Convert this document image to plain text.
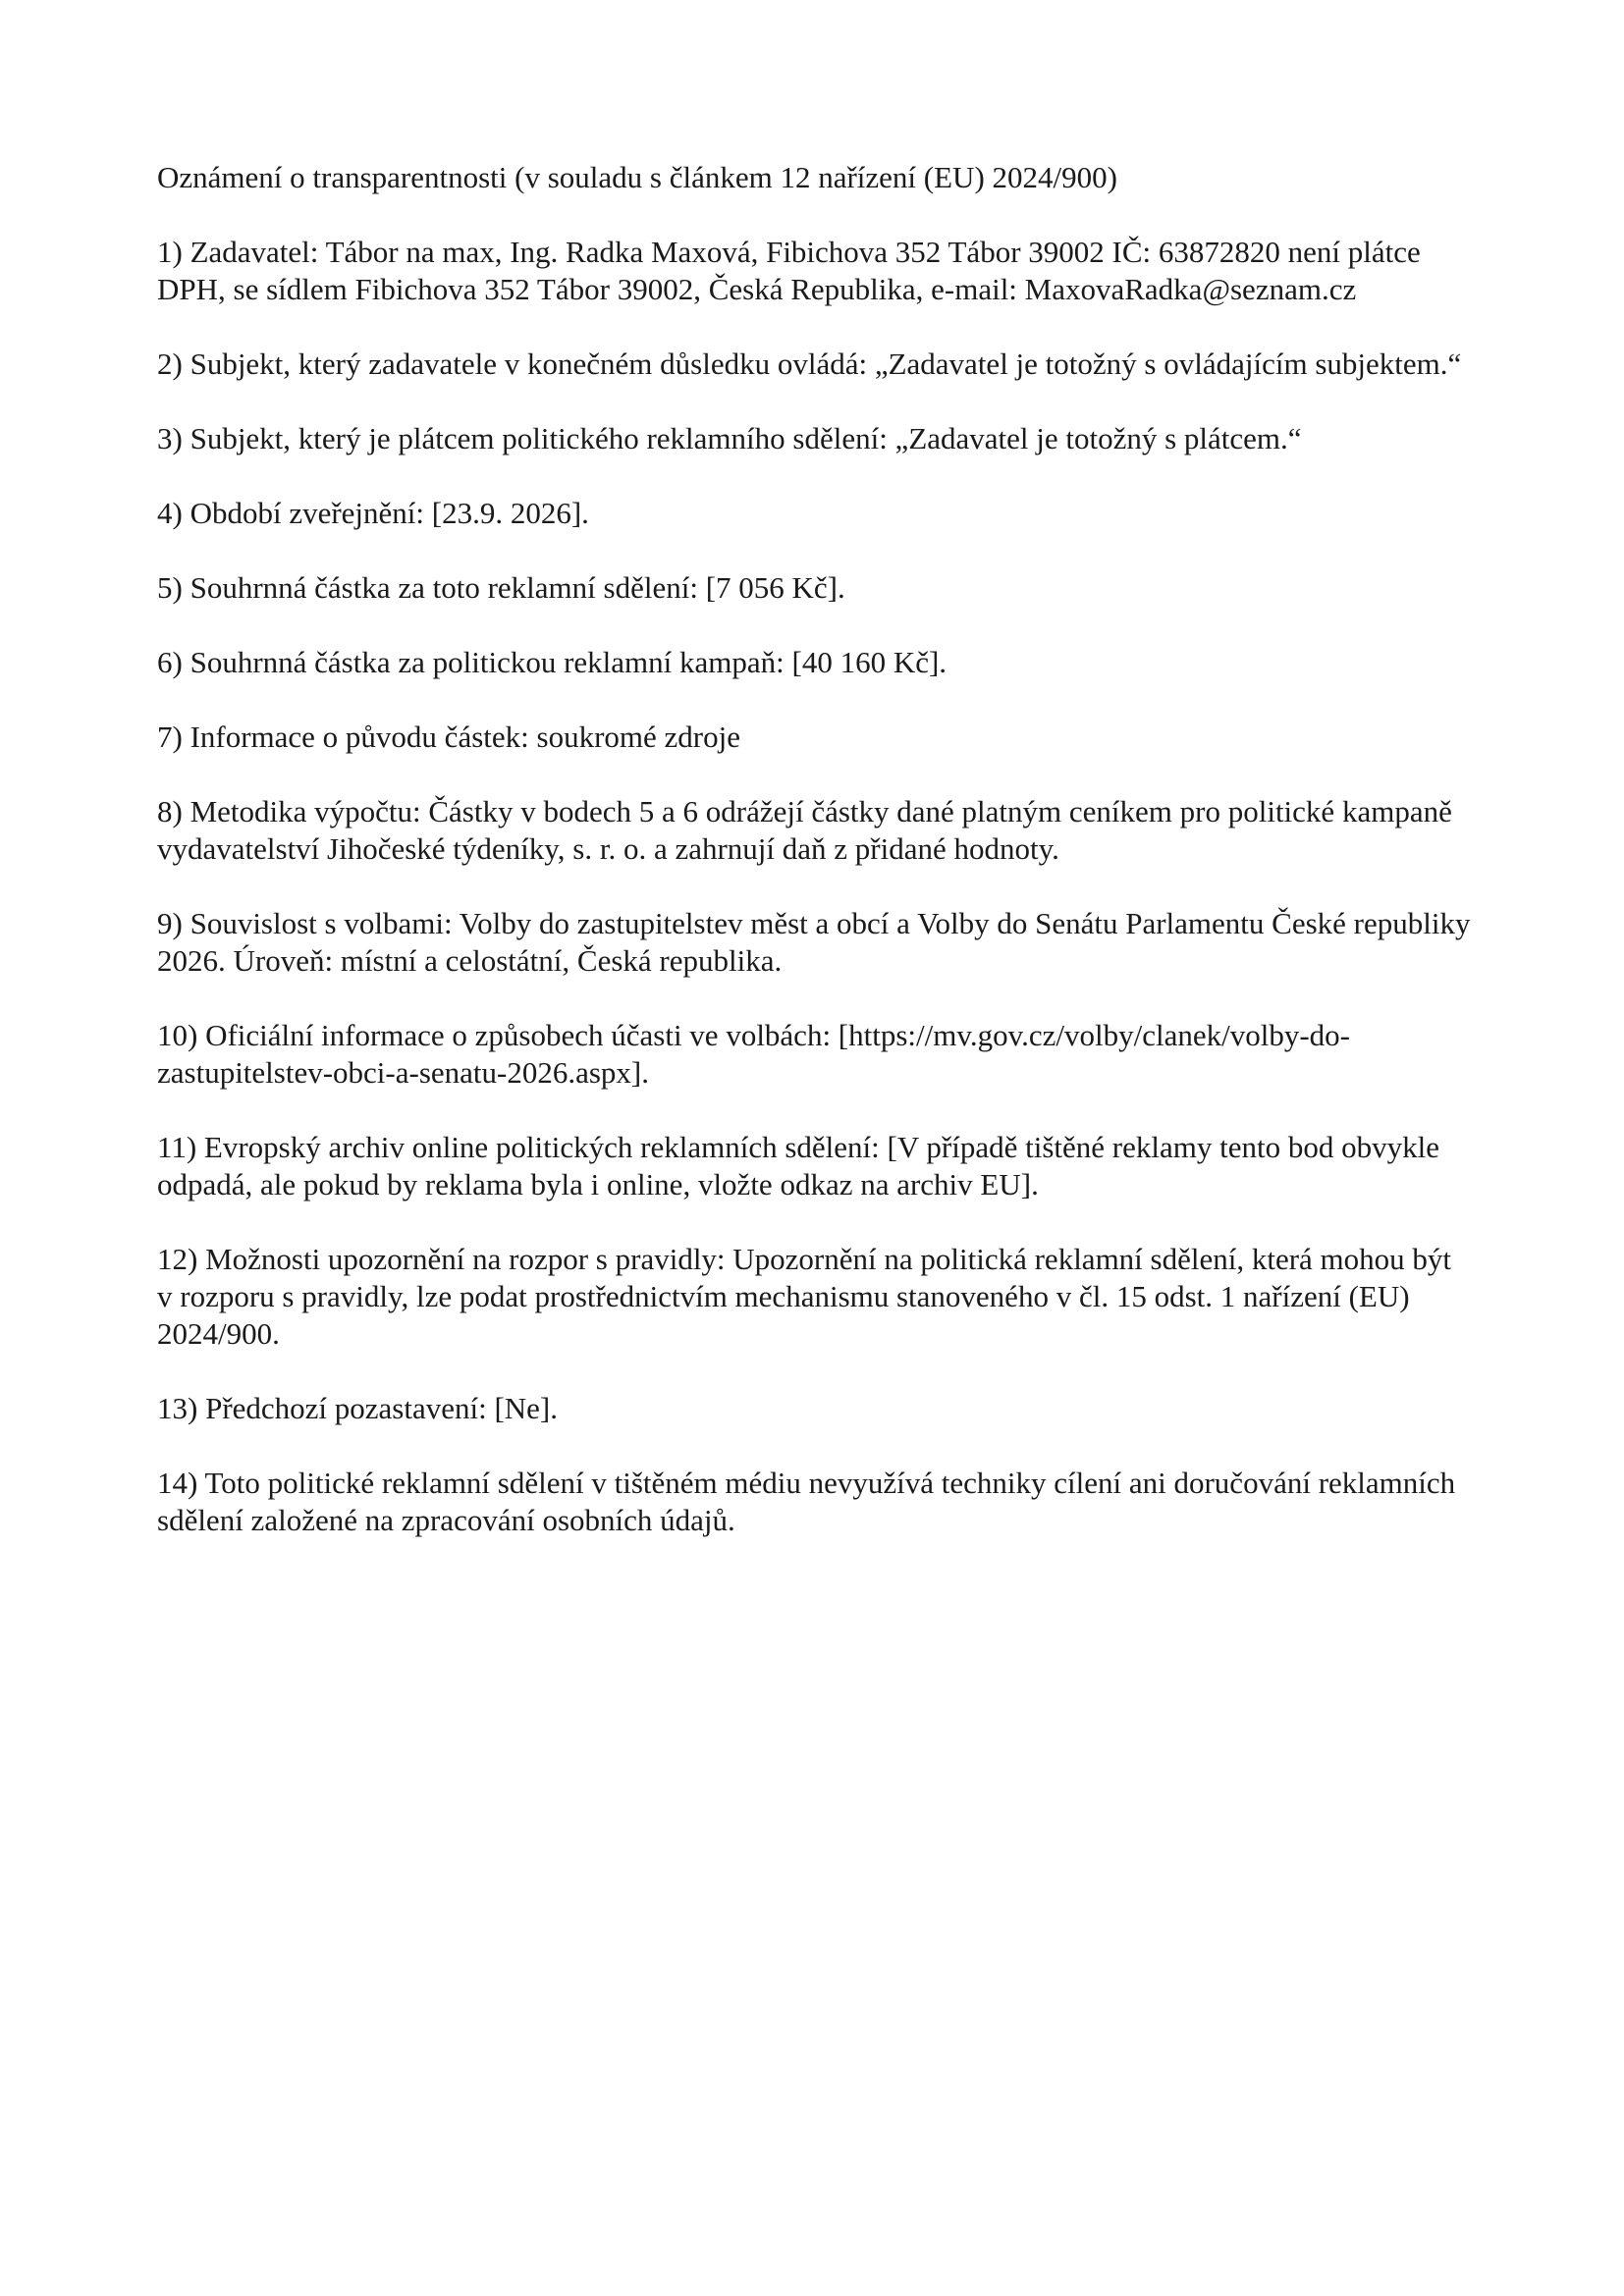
Oznámení o transparentnosti (v souladu s článkem 12 nařízení (EU) 2024/900)

1) Zadavatel: Tábor na max, Ing. Radka Maxová, Fibichova 352 Tábor 39002 IČ: 63872820 není plátce DPH, se sídlem Fibichova 352 Tábor 39002, Česká Republika, e-mail: MaxovaRadka@seznam.cz

2) Subjekt, který zadavatele v konečném důsledku ovládá: „Zadavatel je totožný s ovládajícím subjektem.“

3) Subjekt, který je plátcem politického reklamního sdělení: „Zadavatel je totožný s plátcem.“

4) Období zveřejnění: [23.9. 2026].

5) Souhrnná částka za toto reklamní sdělení: [7 056 Kč].

6) Souhrnná částka za politickou reklamní kampaň: [40 160 Kč].

7) Informace o původu částek: soukromé zdroje

8) Metodika výpočtu: Částky v bodech 5 a 6 odrážejí částky dané platným ceníkem pro politické kampaně vydavatelství Jihočeské týdeníky, s. r. o. a zahrnují daň z přidané hodnoty.

9) Souvislost s volbami: Volby do zastupitelstev měst a obcí a Volby do Senátu Parlamentu České republiky 2026. Úroveň: místní a celostátní, Česká republika.

10) Oficiální informace o způsobech účasti ve volbách: [https://mv.gov.cz/volby/clanek/volby-do-zastupitelstev-obci-a-senatu-2026.aspx].

11) Evropský archiv online politických reklamních sdělení: [V případě tištěné reklamy tento bod obvykle odpadá, ale pokud by reklama byla i online, vložte odkaz na archiv EU].

12) Možnosti upozornění na rozpor s pravidly: Upozornění na politická reklamní sdělení, která mohou být v rozporu s pravidly, lze podat prostřednictvím mechanismu stanoveného v čl. 15 odst. 1 nařízení (EU) 2024/900.

13) Předchozí pozastavení: [Ne].

14) Toto politické reklamní sdělení v tištěném médiu nevyužívá techniky cílení ani doručování reklamních sdělení založené na zpracování osobních údajů.
